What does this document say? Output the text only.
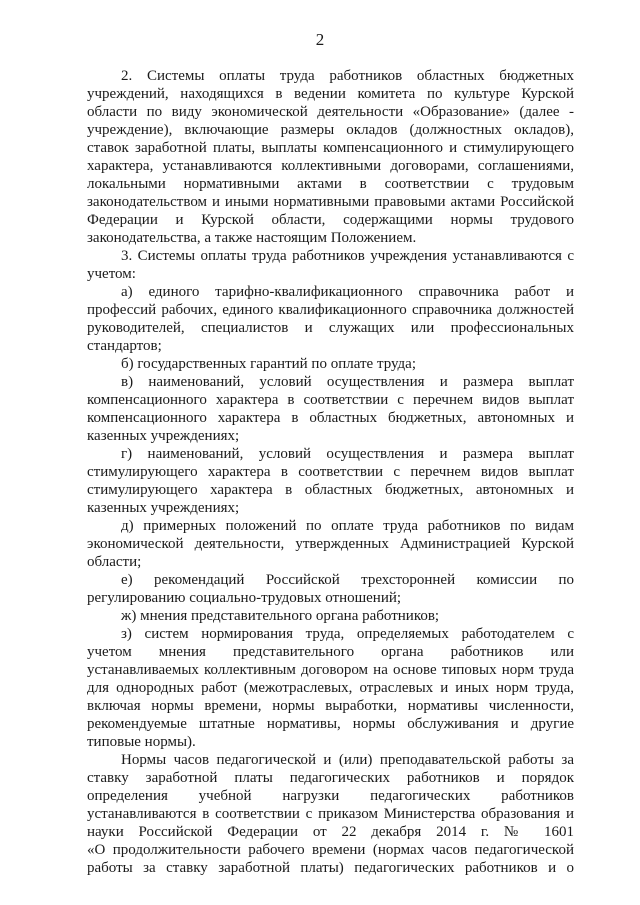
2
2. Системы оплаты труда работников областных бюджетных
учреждений, находящихся в ведении комитета по культуре Курской
области по виду экономической деятельности «Образование» (далее -
учреждение), включающие размеры окладов (должностных окладов),
ставок заработной платы, выплаты компенсационного и стимулирующего
характера, устанавливаются коллективными договорами, соглашениями,
локальными нормативными актами в соответствии с трудовым
законодательством и иными нормативными правовыми актами Российской
Федерации и Курской области, содержащими нормы трудового
законодательства, а также настоящим Положением.
3. Системы оплаты труда работников учреждения устанавливаются с
учетом:
а) единого тарифно-квалификационного справочника работ и
профессий рабочих, единого квалификационного справочника должностей
руководителей, специалистов и служащих или профессиональных
стандартов;
б) государственных гарантий по оплате труда;
в) наименований, условий осуществления и размера выплат
компенсационного характера в соответствии с перечнем видов выплат
компенсационного характера в областных бюджетных, автономных и
казенных учреждениях;
г) наименований, условий осуществления и размера выплат
стимулирующего характера в соответствии с перечнем видов выплат
стимулирующего характера в областных бюджетных, автономных и
казенных учреждениях;
д) примерных положений по оплате труда работников по видам
экономической деятельности, утвержденных Администрацией Курской
области;
е) рекомендаций Российской трехсторонней комиссии по
регулированию социально-трудовых отношений;
ж) мнения представительного органа работников;
з) систем нормирования труда, определяемых работодателем с
учетом мнения представительного органа работников или
устанавливаемых коллективным договором на основе типовых норм труда
для однородных работ (межотраслевых, отраслевых и иных норм труда,
включая нормы времени, нормы выработки, нормативы численности,
рекомендуемые штатные нормативы, нормы обслуживания и другие
типовые нормы).
Нормы часов педагогической и (или) преподавательской работы за
ставку заработной платы педагогических работников и порядок
определения учебной нагрузки педагогических работников
устанавливаются в соответствии с приказом Министерства образования и
науки Российской Федерации от 22 декабря 2014 г. № 1601
«О продолжительности рабочего времени (нормах часов педагогической
работы за ставку заработной платы) педагогических работников и о
